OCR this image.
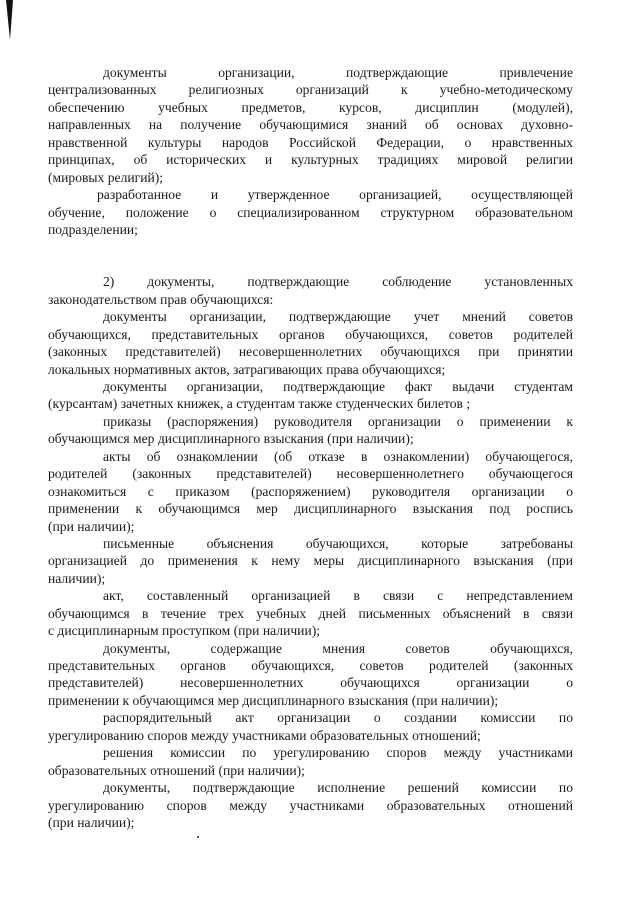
документы организации, подтверждающие привлечение
централизованных религиозных организаций к учебно-методическому
обеспечению учебных предметов, курсов, дисциплин (модулей),
направленных на получение обучающимися знаний об основах духовно-
нравственной культуры народов Российской Федерации, о нравственных
принципах, об исторических и культурных традициях мировой религии
(мировых религий);
разработанное и утвержденное организацией, осуществляющей
обучение, положение о специализированном структурном образовательном
подразделении;
2) документы, подтверждающие соблюдение установленных
законодательством прав обучающихся:
документы организации, подтверждающие учет мнений советов
обучающихся, представительных органов обучающихся, советов родителей
(законных представителей) несовершеннолетних обучающихся при принятии
локальных нормативных актов, затрагивающих права обучающихся;
документы организации, подтверждающие факт выдачи студентам
(курсантам) зачетных книжек, а студентам также студенческих билетов ;
приказы (распоряжения) руководителя организации о применении к
обучающимся мер дисциплинарного взыскания (при наличии);
акты об ознакомлении (об отказе в ознакомлении) обучающегося,
родителей (законных представителей) несовершеннолетнего обучающегося
ознакомиться с приказом (распоряжением) руководителя организации о
применении к обучающимся мер дисциплинарного взыскания под роспись
(при наличии);
письменные объяснения обучающихся, которые затребованы
организацией до применения к нему меры дисциплинарного взыскания (при
наличии);
акт, составленный организацией в связи с непредставлением
обучающимся в течение трех учебных дней письменных объяснений в связи
с дисциплинарным проступком (при наличии);
документы, содержащие мнения советов обучающихся,
представительных органов обучающихся, советов родителей (законных
представителей) несовершеннолетних обучающихся организации о
применении к обучающимся мер дисциплинарного взыскания (при наличии);
распорядительный акт организации о создании комиссии по
урегулированию споров между участниками образовательных отношений;
решения комиссии по урегулированию споров между участниками
образовательных отношений (при наличии);
документы, подтверждающие исполнение решений комиссии по
урегулированию споров между участниками образовательных отношений
(при наличии);
